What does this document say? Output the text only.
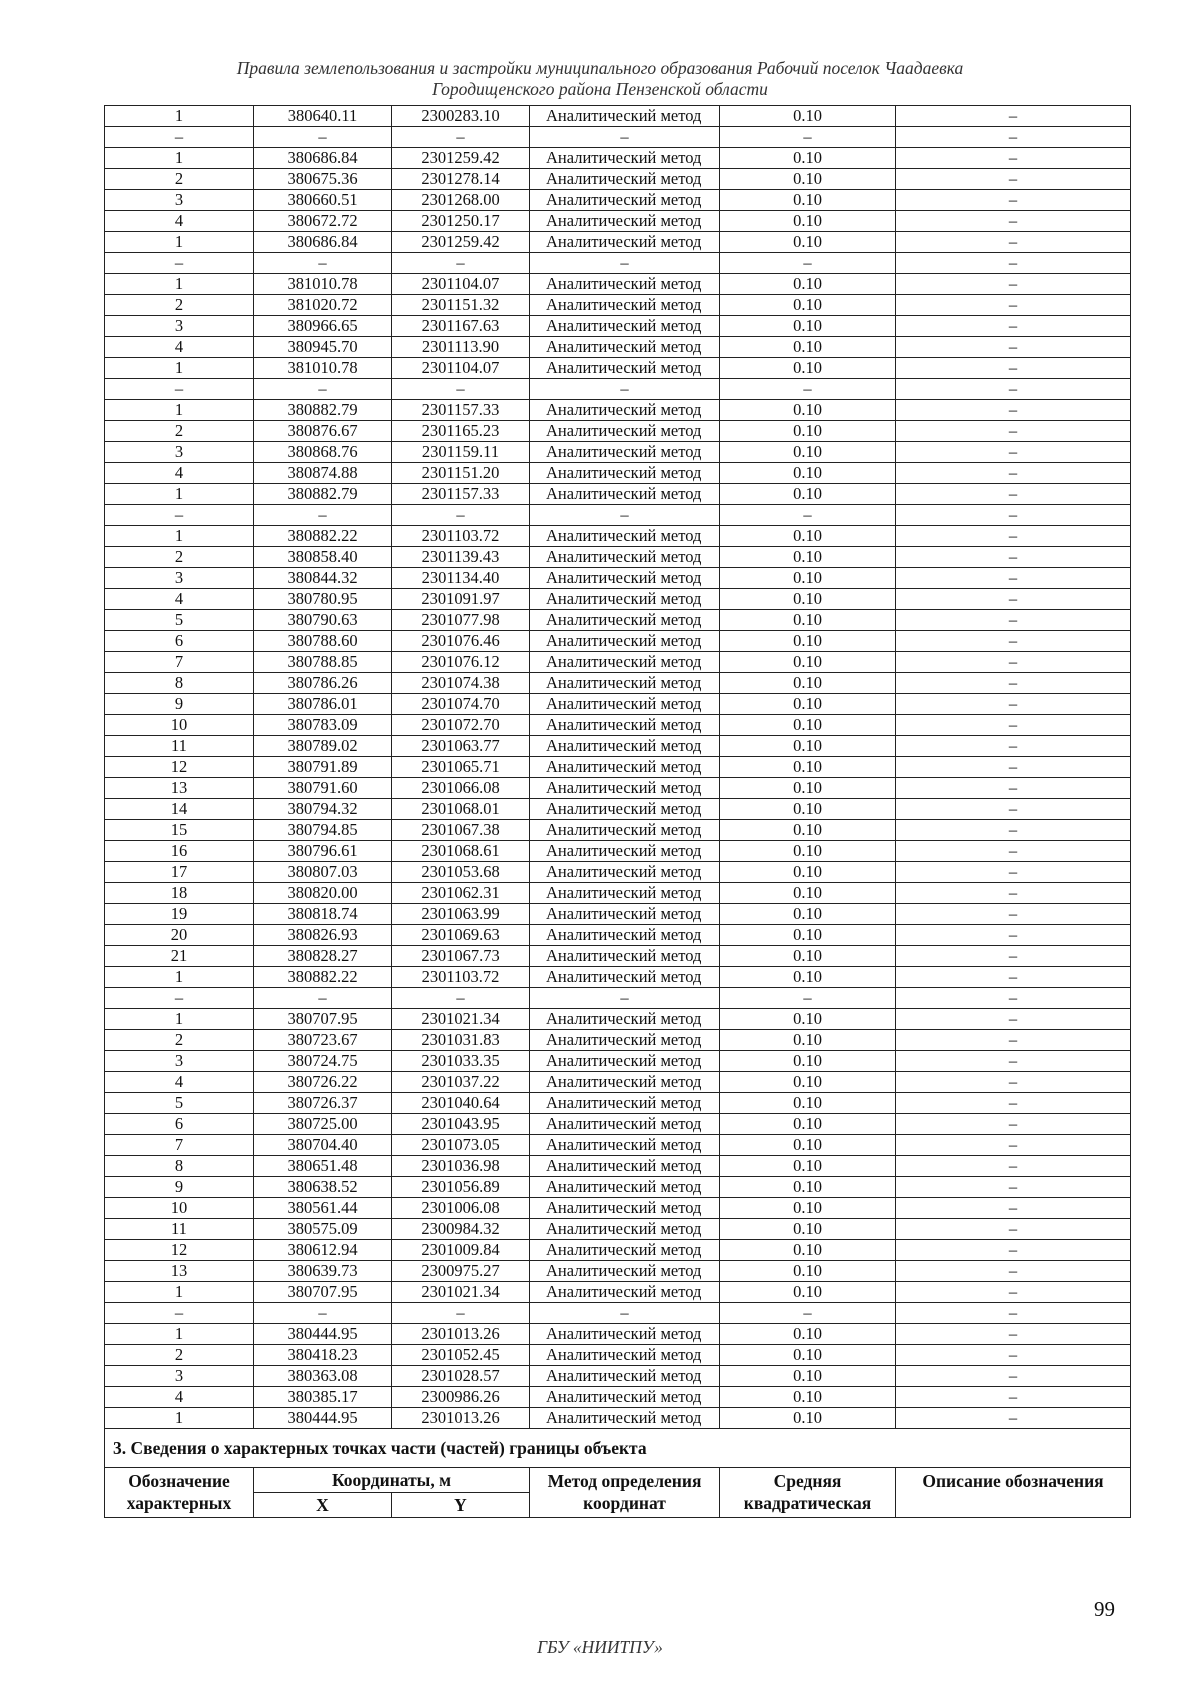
Правила землепользования и застройки муниципального образования Рабочий поселок Чаадаевка
Городищенского района Пензенской области
1	380640.11	2300283.10	Аналитический метод	0.10	–
–	–	–	–	–	–
1	380686.84	2301259.42	Аналитический метод	0.10	–
2	380675.36	2301278.14	Аналитический метод	0.10	–
3	380660.51	2301268.00	Аналитический метод	0.10	–
4	380672.72	2301250.17	Аналитический метод	0.10	–
1	380686.84	2301259.42	Аналитический метод	0.10	–
–	–	–	–	–	–
1	381010.78	2301104.07	Аналитический метод	0.10	–
2	381020.72	2301151.32	Аналитический метод	0.10	–
3	380966.65	2301167.63	Аналитический метод	0.10	–
4	380945.70	2301113.90	Аналитический метод	0.10	–
1	381010.78	2301104.07	Аналитический метод	0.10	–
–	–	–	–	–	–
1	380882.79	2301157.33	Аналитический метод	0.10	–
2	380876.67	2301165.23	Аналитический метод	0.10	–
3	380868.76	2301159.11	Аналитический метод	0.10	–
4	380874.88	2301151.20	Аналитический метод	0.10	–
1	380882.79	2301157.33	Аналитический метод	0.10	–
–	–	–	–	–	–
1	380882.22	2301103.72	Аналитический метод	0.10	–
2	380858.40	2301139.43	Аналитический метод	0.10	–
3	380844.32	2301134.40	Аналитический метод	0.10	–
4	380780.95	2301091.97	Аналитический метод	0.10	–
5	380790.63	2301077.98	Аналитический метод	0.10	–
6	380788.60	2301076.46	Аналитический метод	0.10	–
7	380788.85	2301076.12	Аналитический метод	0.10	–
8	380786.26	2301074.38	Аналитический метод	0.10	–
9	380786.01	2301074.70	Аналитический метод	0.10	–
10	380783.09	2301072.70	Аналитический метод	0.10	–
11	380789.02	2301063.77	Аналитический метод	0.10	–
12	380791.89	2301065.71	Аналитический метод	0.10	–
13	380791.60	2301066.08	Аналитический метод	0.10	–
14	380794.32	2301068.01	Аналитический метод	0.10	–
15	380794.85	2301067.38	Аналитический метод	0.10	–
16	380796.61	2301068.61	Аналитический метод	0.10	–
17	380807.03	2301053.68	Аналитический метод	0.10	–
18	380820.00	2301062.31	Аналитический метод	0.10	–
19	380818.74	2301063.99	Аналитический метод	0.10	–
20	380826.93	2301069.63	Аналитический метод	0.10	–
21	380828.27	2301067.73	Аналитический метод	0.10	–
1	380882.22	2301103.72	Аналитический метод	0.10	–
–	–	–	–	–	–
1	380707.95	2301021.34	Аналитический метод	0.10	–
2	380723.67	2301031.83	Аналитический метод	0.10	–
3	380724.75	2301033.35	Аналитический метод	0.10	–
4	380726.22	2301037.22	Аналитический метод	0.10	–
5	380726.37	2301040.64	Аналитический метод	0.10	–
6	380725.00	2301043.95	Аналитический метод	0.10	–
7	380704.40	2301073.05	Аналитический метод	0.10	–
8	380651.48	2301036.98	Аналитический метод	0.10	–
9	380638.52	2301056.89	Аналитический метод	0.10	–
10	380561.44	2301006.08	Аналитический метод	0.10	–
11	380575.09	2300984.32	Аналитический метод	0.10	–
12	380612.94	2301009.84	Аналитический метод	0.10	–
13	380639.73	2300975.27	Аналитический метод	0.10	–
1	380707.95	2301021.34	Аналитический метод	0.10	–
–	–	–	–	–	–
1	380444.95	2301013.26	Аналитический метод	0.10	–
2	380418.23	2301052.45	Аналитический метод	0.10	–
3	380363.08	2301028.57	Аналитический метод	0.10	–
4	380385.17	2300986.26	Аналитический метод	0.10	–
1	380444.95	2301013.26	Аналитический метод	0.10	–
3. Сведения о характерных точках части (частей) границы объекта					
Обозначение характерных	Координаты, м		Метод определения координат	Средняя квадратическая	Описание обозначения
	X	Y			
99
ГБУ «НИИТПУ»
